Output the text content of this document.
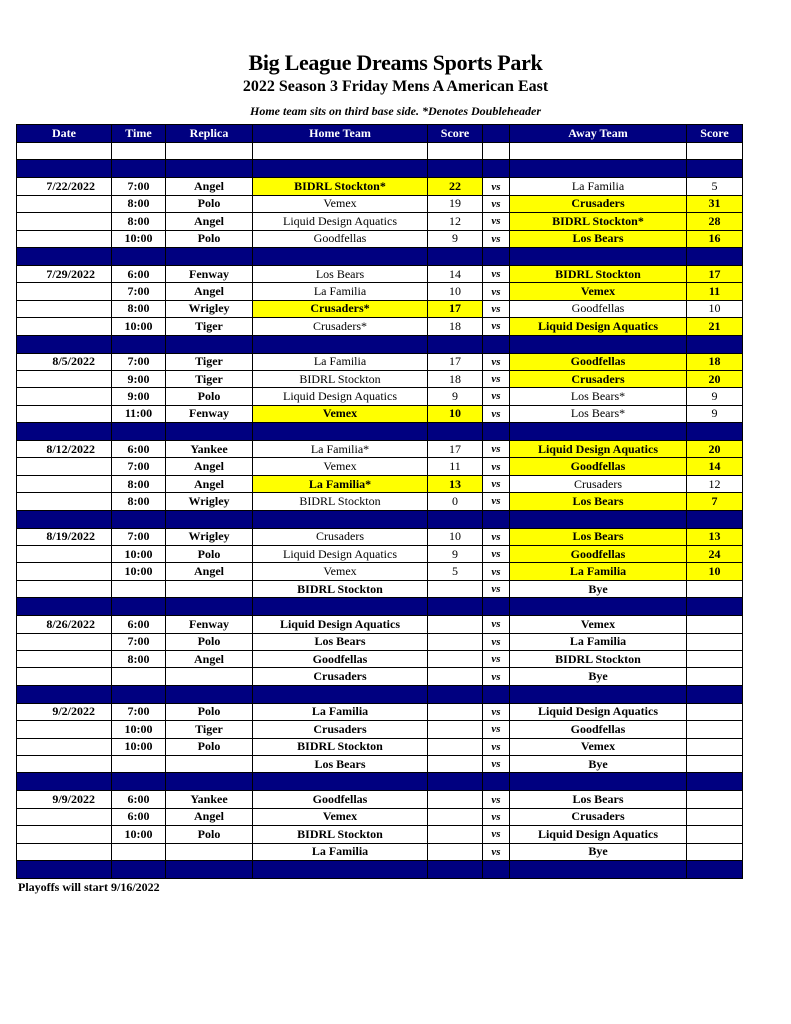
Big League Dreams Sports Park
2022 Season 3 Friday Mens A American East
Home team sits on third base side. *Denotes Doubleheader
Date	Time	Replica	Home Team	Score		Away Team	Score

7/22/2022	7:00	Angel	BIDRL Stockton*	22	vs	La Familia	5
	8:00	Polo	Vemex	19	vs	Crusaders	31
	8:00	Angel	Liquid Design Aquatics	12	vs	BIDRL Stockton*	28
	10:00	Polo	Goodfellas	9	vs	Los Bears	16

7/29/2022	6:00	Fenway	Los Bears	14	vs	BIDRL Stockton	17
	7:00	Angel	La Familia	10	vs	Vemex	11
	8:00	Wrigley	Crusaders*	17	vs	Goodfellas	10
	10:00	Tiger	Crusaders*	18	vs	Liquid Design Aquatics	21

8/5/2022	7:00	Tiger	La Familia	17	vs	Goodfellas	18
	9:00	Tiger	BIDRL Stockton	18	vs	Crusaders	20
	9:00	Polo	Liquid Design Aquatics	9	vs	Los Bears*	9
	11:00	Fenway	Vemex	10	vs	Los Bears*	9

8/12/2022	6:00	Yankee	La Familia*	17	vs	Liquid Design Aquatics	20
	7:00	Angel	Vemex	11	vs	Goodfellas	14
	8:00	Angel	La Familia*	13	vs	Crusaders	12
	8:00	Wrigley	BIDRL Stockton	0	vs	Los Bears	7

8/19/2022	7:00	Wrigley	Crusaders	10	vs	Los Bears	13
	10:00	Polo	Liquid Design Aquatics	9	vs	Goodfellas	24
	10:00	Angel	Vemex	5	vs	La Familia	10
			BIDRL Stockton		vs	Bye	

8/26/2022	6:00	Fenway	Liquid Design Aquatics		vs	Vemex	
	7:00	Polo	Los Bears		vs	La Familia	
	8:00	Angel	Goodfellas		vs	BIDRL Stockton	
			Crusaders		vs	Bye	

9/2/2022	7:00	Polo	La Familia		vs	Liquid Design Aquatics	
	10:00	Tiger	Crusaders		vs	Goodfellas	
	10:00	Polo	BIDRL Stockton		vs	Vemex	
			Los Bears		vs	Bye	

9/9/2022	6:00	Yankee	Goodfellas		vs	Los Bears	
	6:00	Angel	Vemex		vs	Crusaders	
	10:00	Polo	BIDRL Stockton		vs	Liquid Design Aquatics	
			La Familia		vs	Bye	

Playoffs will start 9/16/2022
